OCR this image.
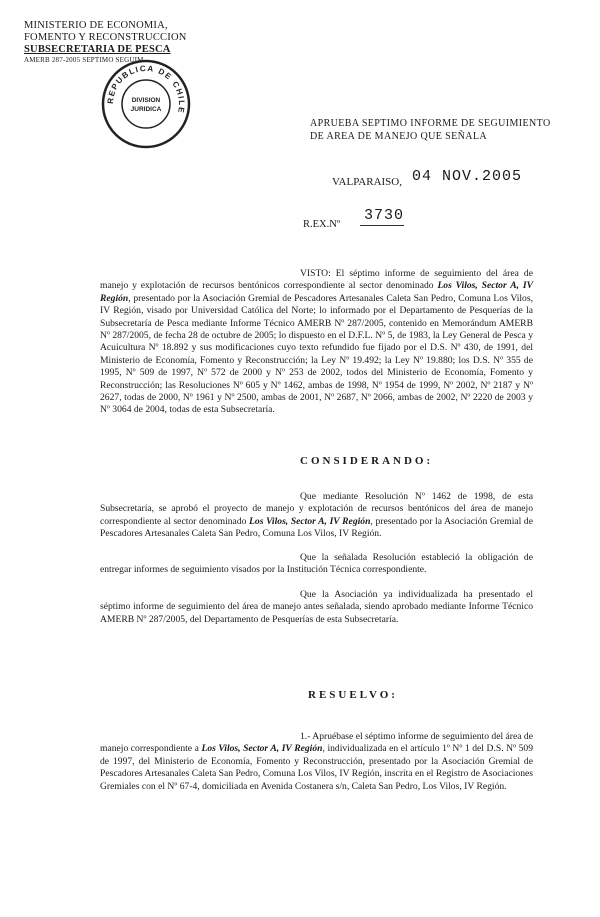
MINISTERIO DE ECONOMIA,
FOMENTO Y RECONSTRUCCION
SUBSECRETARIA DE PESCA
AMERB 287-2005 SEPTIMO SEGUIM.
REPUBLICA DE CHILE
DIVISION
JURIDICA
APRUEBA SEPTIMO INFORME DE SEGUIMIENTO
DE AREA DE MANEJO QUE SEÑALA
VALPARAISO, 04 NOV.2005
R.EX.Nº
3730
VISTO: El séptimo informe de seguimiento del área de manejo y explotación de recursos bentónicos correspondiente al sector denominado Los Vilos, Sector A, IV Región, presentado por la Asociación Gremial de Pescadores Artesanales Caleta San Pedro, Comuna Los Vilos, IV Región, visado por Universidad Católica del Norte; lo informado por el Departamento de Pesquerías de la Subsecretaría de Pesca mediante Informe Técnico AMERB Nº 287/2005, contenido en Memorándum AMERB Nº 287/2005, de fecha 28 de octubre de 2005; lo dispuesto en el D.F.L. Nº 5, de 1983, la Ley General de Pesca y Acuicultura Nº 18.892 y sus modificaciones cuyo texto refundido fue fijado por el D.S. Nº 430, de 1991, del Ministerio de Economía, Fomento y Reconstrucción; la Ley Nº 19.492; la Ley Nº 19.880; los D.S. Nº 355 de 1995, Nº 509 de 1997, Nº 572 de 2000 y Nº 253 de 2002, todos del Ministerio de Economía, Fomento y Reconstrucción; las Resoluciones Nº 605 y Nº 1462, ambas de 1998, Nº 1954 de 1999, Nº 2002, Nº 2187 y Nº 2627, todas de 2000, Nº 1961 y Nº 2500, ambas de 2001, Nº 2687, Nº 2066, ambas de 2002, Nº 2220 de 2003 y Nº 3064 de 2004, todas de esta Subsecretaría.
CONSIDERANDO:
Que mediante Resolución Nº 1462 de 1998, de esta Subsecretaría, se aprobó el proyecto de manejo y explotación de recursos bentónicos del área de manejo correspondiente al sector denominado Los Vilos, Sector A, IV Región, presentado por la Asociación Gremial de Pescadores Artesanales Caleta San Pedro, Comuna Los Vilos, IV Región.
Que la señalada Resolución estableció la obligación de entregar informes de seguimiento visados por la Institución Técnica correspondiente.
Que la Asociación ya individualizada ha presentado el séptimo informe de seguimiento del área de manejo antes señalada, siendo aprobado mediante Informe Técnico AMERB Nº 287/2005, del Departamento de Pesquerías de esta Subsecretaría.
RESUELVO:
1.- Apruébase el séptimo informe de seguimiento del área de manejo correspondiente a Los Vilos, Sector A, IV Región, individualizada en el artículo 1º Nº 1 del D.S. Nº 509 de 1997, del Ministerio de Economía, Fomento y Reconstrucción, presentado por la Asociación Gremial de Pescadores Artesanales Caleta San Pedro, Comuna Los Vilos, IV Región, inscrita en el Registro de Asociaciones Gremiales con el Nº 67-4, domiciliada en Avenida Costanera s/n, Caleta San Pedro, Los Vilos, IV Región.
